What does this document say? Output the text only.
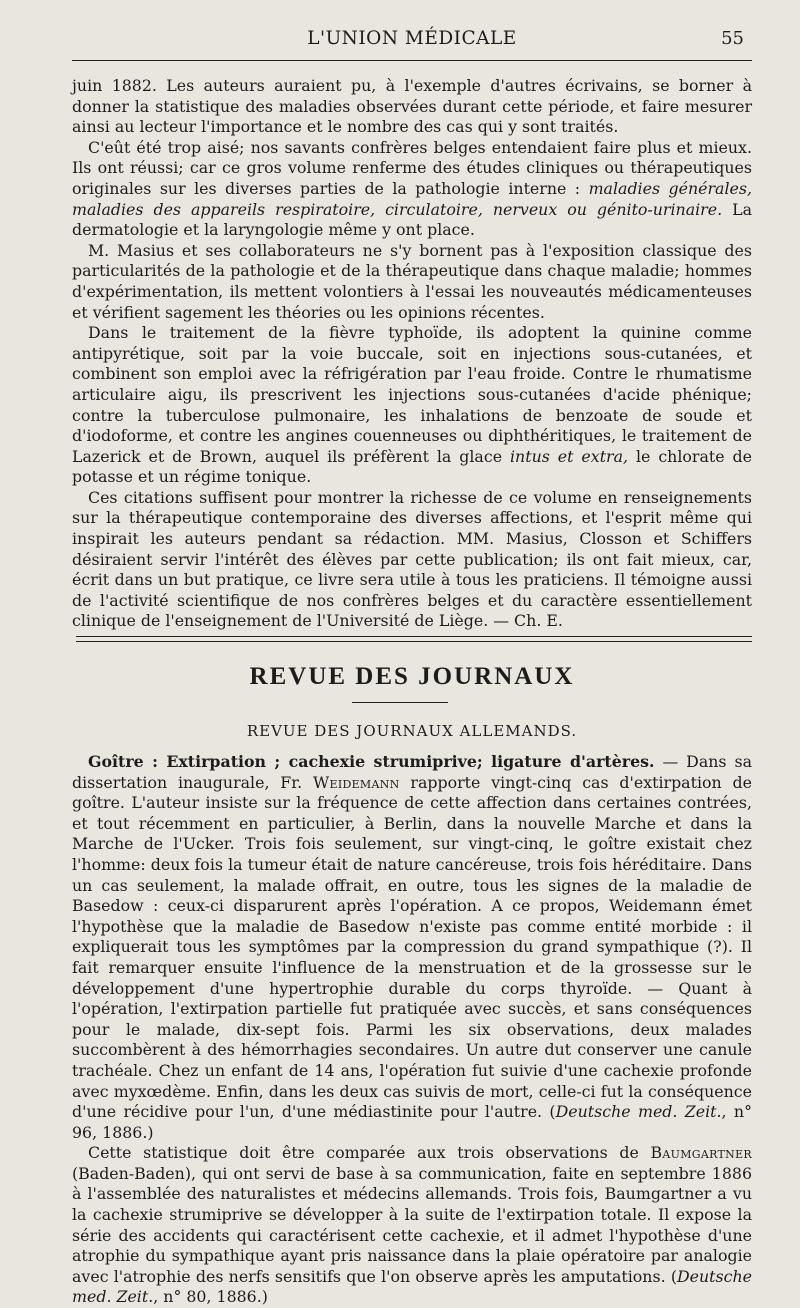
L'UNION MÉDICALE	55

juin 1882. Les auteurs auraient pu, à l'exemple d'autres écrivains, se borner à donner la statistique des maladies observées durant cette période, et faire mesurer ainsi au lecteur l'importance et le nombre des cas qui y sont traités.

C'eût été trop aisé; nos savants confrères belges entendaient faire plus et mieux. Ils ont réussi; car ce gros volume renferme des études cliniques ou thérapeutiques originales sur les diverses parties de la pathologie interne : maladies générales, maladies des appareils respiratoire, circulatoire, nerveux ou génito-urinaire. La dermatologie et la laryngologie même y ont place.

M. Masius et ses collaborateurs ne s'y bornent pas à l'exposition classique des particularités de la pathologie et de la thérapeutique dans chaque maladie; hommes d'expérimentation, ils mettent volontiers à l'essai les nouveautés médicamenteuses et vérifient sagement les théories ou les opinions récentes.

Dans le traitement de la fièvre typhoïde, ils adoptent la quinine comme antipyrétique, soit par la voie buccale, soit en injections sous-cutanées, et combinent son emploi avec la réfrigération par l'eau froide. Contre le rhumatisme articulaire aigu, ils prescrivent les injections sous-cutanées d'acide phénique; contre la tuberculose pulmonaire, les inhalations de benzoate de soude et d'iodoforme, et contre les angines couenneuses ou diphthéritiques, le traitement de Lazerick et de Brown, auquel ils préfèrent la glace intus et extra, le chlorate de potasse et un régime tonique.

Ces citations suffisent pour montrer la richesse de ce volume en renseignements sur la thérapeutique contemporaine des diverses affections, et l'esprit même qui inspirait les auteurs pendant sa rédaction. MM. Masius, Closson et Schiffers désiraient servir l'intérêt des élèves par cette publication; ils ont fait mieux, car, écrit dans un but pratique, ce livre sera utile à tous les praticiens. Il témoigne aussi de l'activité scientifique de nos confrères belges et du caractère essentiellement clinique de l'enseignement de l'Université de Liège. — Ch. E.

REVUE DES JOURNAUX
REVUE DES JOURNAUX ALLEMANDS.

Goître : Extirpation ; cachexie strumiprive; ligature d'artères. — Dans sa dissertation inaugurale, Fr. Weidemann rapporte vingt-cinq cas d'extirpation de goître. L'auteur insiste sur la fréquence de cette affection dans certaines contrées, et tout récemment en particulier, à Berlin, dans la nouvelle Marche et dans la Marche de l'Ucker. Trois fois seulement, sur vingt-cinq, le goître existait chez l'homme: deux fois la tumeur était de nature cancéreuse, trois fois héréditaire. Dans un cas seulement, la malade offrait, en outre, tous les signes de la maladie de Basedow : ceux-ci disparurent après l'opération. A ce propos, Weidemann émet l'hypothèse que la maladie de Basedow n'existe pas comme entité morbide : il expliquerait tous les symptômes par la compression du grand sympathique (?). Il fait remarquer ensuite l'influence de la menstruation et de la grossesse sur le développement d'une hypertrophie durable du corps thyroïde. — Quant à l'opération, l'extirpation partielle fut pratiquée avec succès, et sans conséquences pour le malade, dix-sept fois. Parmi les six observations, deux malades succombèrent à des hémorrhagies secondaires. Un autre dut conserver une canule trachéale. Chez un enfant de 14 ans, l'opération fut suivie d'une cachexie profonde avec myxœdème. Enfin, dans les deux cas suivis de mort, celle-ci fut la conséquence d'une récidive pour l'un, d'une médiastinite pour l'autre. (Deutsche med. Zeit., n° 96, 1886.)

Cette statistique doit être comparée aux trois observations de Baumgartner (Baden-Baden), qui ont servi de base à sa communication, faite en septembre 1886 à l'assemblée des naturalistes et médecins allemands. Trois fois, Baumgartner a vu la cachexie strumiprive se développer à la suite de l'extirpation totale. Il expose la série des accidents qui caractérisent cette cachexie, et il admet l'hypothèse d'une atrophie du sympathique ayant pris naissance dans la plaie opératoire par analogie avec l'atrophie des nerfs sensitifs que l'on observe après les amputations. (Deutsche med. Zeit., n° 80, 1886.)
